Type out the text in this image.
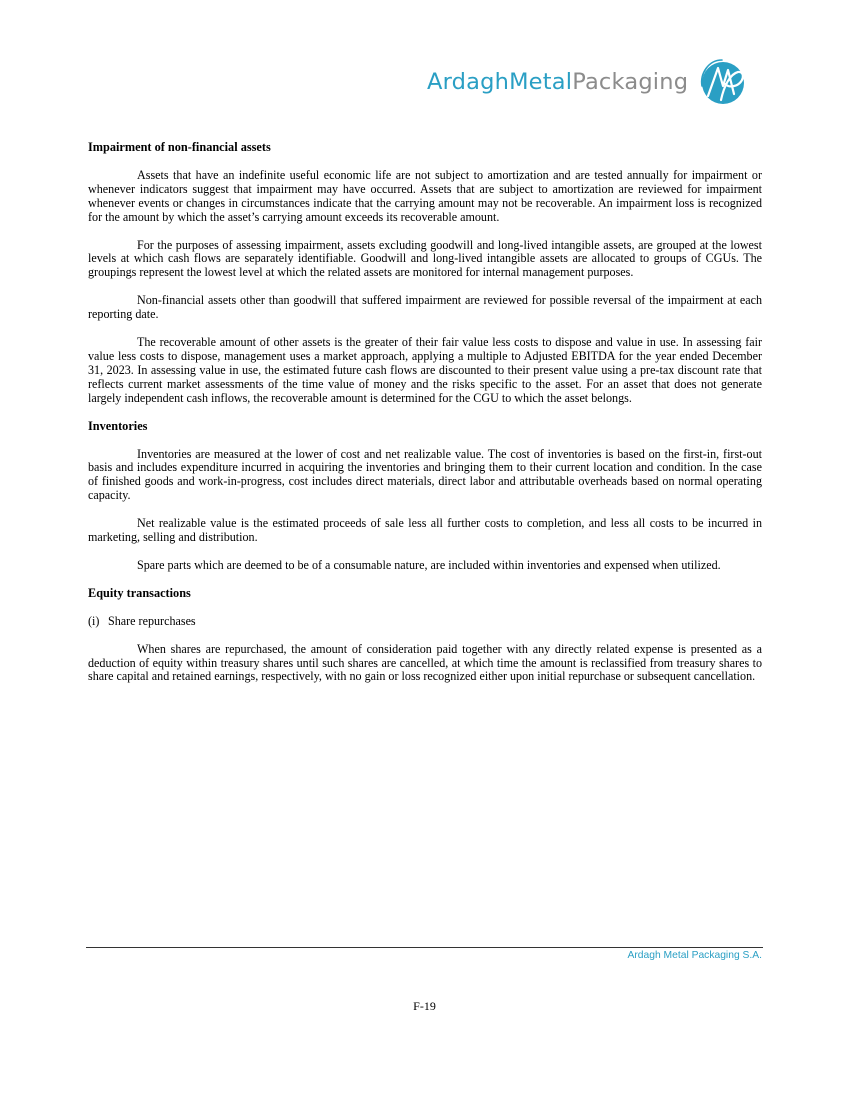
Ardagh Metal Packaging

Impairment of non-financial assets

Assets that have an indefinite useful economic life are not subject to amortization and are tested annually for impairment or whenever indicators suggest that impairment may have occurred. Assets that are subject to amortization are reviewed for impairment whenever events or changes in circumstances indicate that the carrying amount may not be recoverable. An impairment loss is recognized for the amount by which the asset’s carrying amount exceeds its recoverable amount.

For the purposes of assessing impairment, assets excluding goodwill and long-lived intangible assets, are grouped at the lowest levels at which cash flows are separately identifiable. Goodwill and long-lived intangible assets are allocated to groups of CGUs. The groupings represent the lowest level at which the related assets are monitored for internal management purposes.

Non-financial assets other than goodwill that suffered impairment are reviewed for possible reversal of the impairment at each reporting date.

The recoverable amount of other assets is the greater of their fair value less costs to dispose and value in use. In assessing fair value less costs to dispose, management uses a market approach, applying a multiple to Adjusted EBITDA for the year ended December 31, 2023. In assessing value in use, the estimated future cash flows are discounted to their present value using a pre-tax discount rate that reflects current market assessments of the time value of money and the risks specific to the asset. For an asset that does not generate largely independent cash inflows, the recoverable amount is determined for the CGU to which the asset belongs.

Inventories

Inventories are measured at the lower of cost and net realizable value. The cost of inventories is based on the first-in, first-out basis and includes expenditure incurred in acquiring the inventories and bringing them to their current location and condition. In the case of finished goods and work-in-progress, cost includes direct materials, direct labor and attributable overheads based on normal operating capacity.

Net realizable value is the estimated proceeds of sale less all further costs to completion, and less all costs to be incurred in marketing, selling and distribution.

Spare parts which are deemed to be of a consumable nature, are included within inventories and expensed when utilized.

Equity transactions

(i) Share repurchases

When shares are repurchased, the amount of consideration paid together with any directly related expense is presented as a deduction of equity within treasury shares until such shares are cancelled, at which time the amount is reclassified from treasury shares to share capital and retained earnings, respectively, with no gain or loss recognized either upon initial repurchase or subsequent cancellation.

Ardagh Metal Packaging S.A.
F-19
